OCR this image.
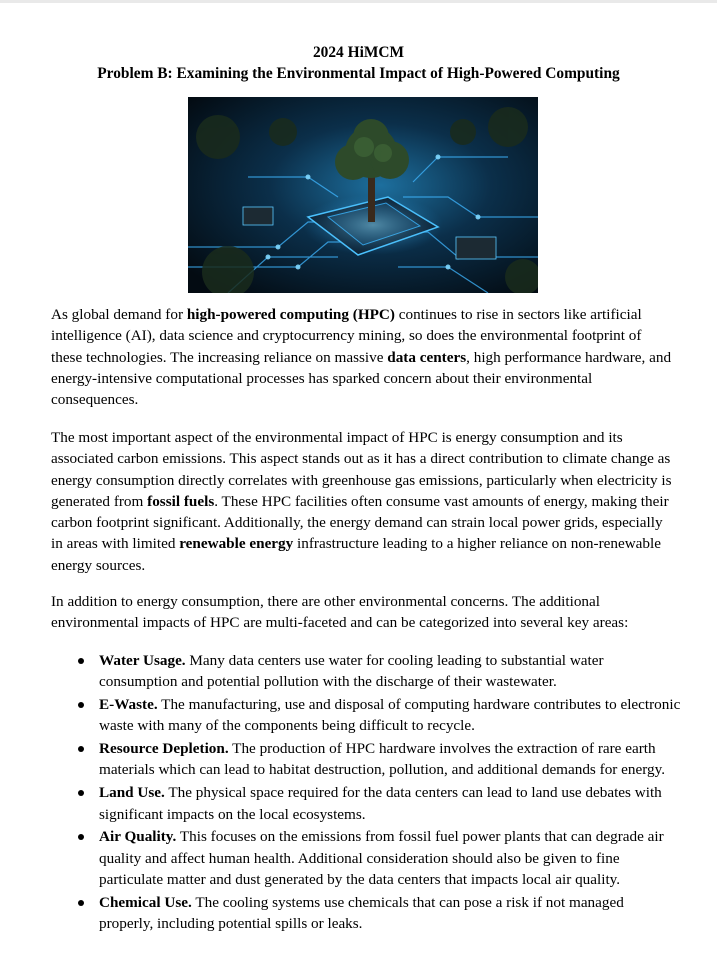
2024 HiMCM
Problem B: Examining the Environmental Impact of High-Powered Computing

As global demand for high-powered computing (HPC) continues to rise in sectors like artificial intelligence (AI), data science and cryptocurrency mining, so does the environmental footprint of these technologies. The increasing reliance on massive data centers, high performance hardware, and energy-intensive computational processes has sparked concern about their environmental consequences.

The most important aspect of the environmental impact of HPC is energy consumption and its associated carbon emissions. This aspect stands out as it has a direct contribution to climate change as energy consumption directly correlates with greenhouse gas emissions, particularly when electricity is generated from fossil fuels. These HPC facilities often consume vast amounts of energy, making their carbon footprint significant. Additionally, the energy demand can strain local power grids, especially in areas with limited renewable energy infrastructure leading to a higher reliance on non-renewable energy sources.

In addition to energy consumption, there are other environmental concerns. The additional environmental impacts of HPC are multi-faceted and can be categorized into several key areas:

Water Usage. Many data centers use water for cooling leading to substantial water consumption and potential pollution with the discharge of their wastewater.
E-Waste. The manufacturing, use and disposal of computing hardware contributes to electronic waste with many of the components being difficult to recycle.
Resource Depletion. The production of HPC hardware involves the extraction of rare earth materials which can lead to habitat destruction, pollution, and additional demands for energy.
Land Use. The physical space required for the data centers can lead to land use debates with significant impacts on the local ecosystems.
Air Quality. This focuses on the emissions from fossil fuel power plants that can degrade air quality and affect human health. Additional consideration should also be given to fine particulate matter and dust generated by the data centers that impacts local air quality.
Chemical Use. The cooling systems use chemicals that can pose a risk if not managed properly, including potential spills or leaks.
